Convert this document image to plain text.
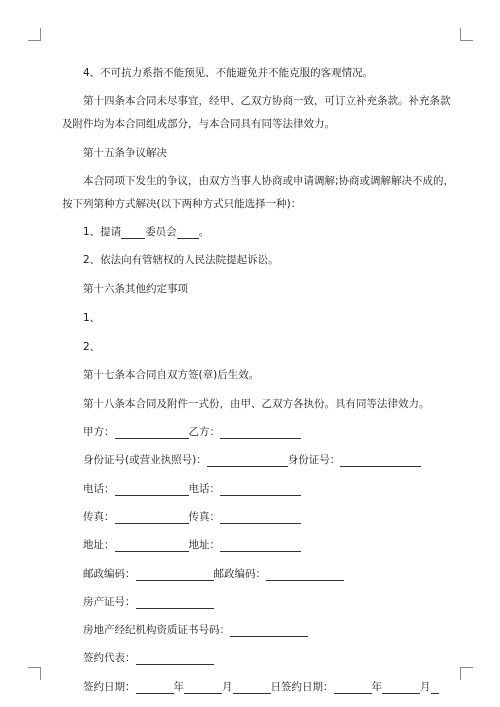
4、不可抗力系指不能预见、不能避免并不能克服的客观情况。
第十四条本合同未尽事宜，经甲、乙双方协商一致，可订立补充条款。补充条款
及附件均为本合同组成部分，与本合同具有同等法律效力。
第十五条争议解决
本合同项下发生的争议，由双方当事人协商或申请调解;协商或调解解决不成的，
按下列第种方式解决(以下两种方式只能选择一种)：
1、提请 委员会 。
2、依法向有管辖权的人民法院提起诉讼。
第十六条其他约定事项
1、
2、
第十七条本合同自双方签(章)后生效。
第十八条本合同及附件一式份，由甲、乙双方各执份。具有同等法律效力。
甲方：	乙方：
身份证号(或营业执照号)：	身份证号：
电话：	电话：
传真：	传真：
地址：	地址：
邮政编码：	邮政编码：
房产证号：
房地产经纪机构资质证书号码：
签约代表：
签约日期：	年	月	日签约日期：	年	月
